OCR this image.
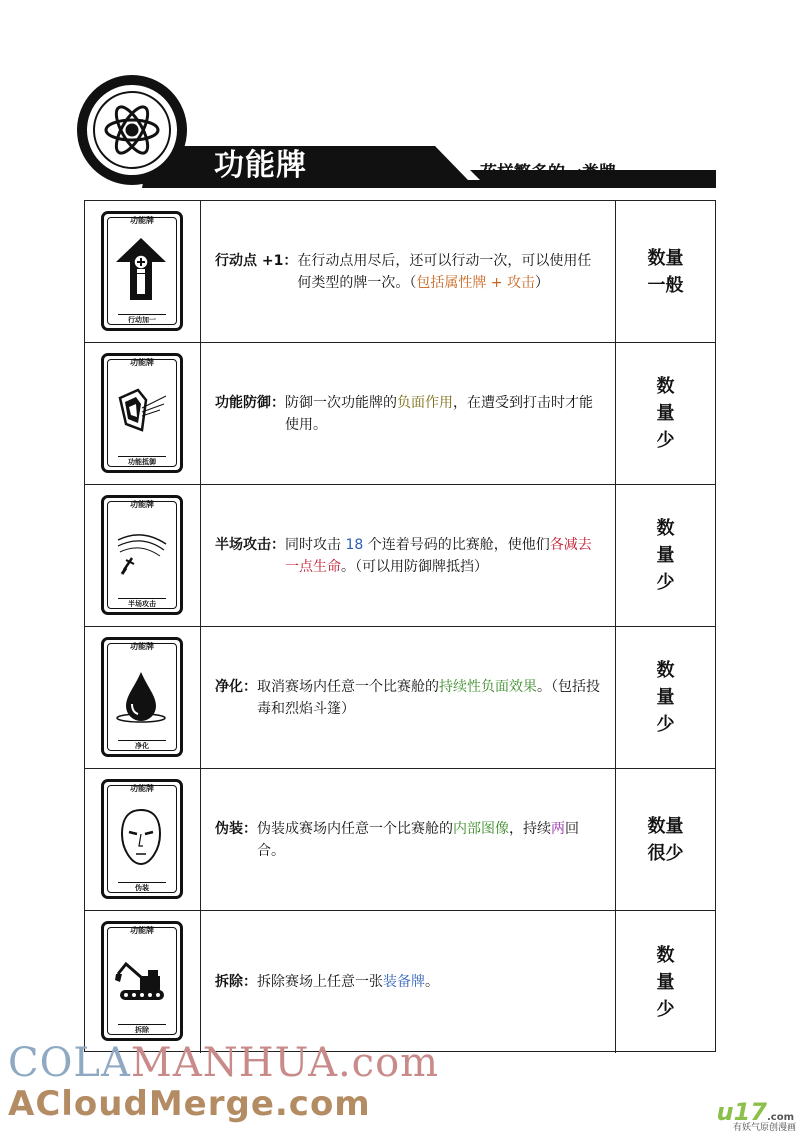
功能牌	花样繁多的一类牌
功能牌
行动加一
行动点 +1： 在行动点用尽后，还可以行动一次，可以使用任何类型的牌一次。（包括属性牌 + 攻击）
数量
一般
功能牌
功能抵御
功能防御： 防御一次功能牌的负面作用，在遭受到打击时才能使用。
数
量
少
功能牌
半场攻击
半场攻击： 同时攻击 18 个连着号码的比赛舱，使他们各减去一点生命。（可以用防御牌抵挡）
数
量
少
功能牌
净化
净化： 取消赛场内任意一个比赛舱的持续性负面效果。（包括投毒和烈焰斗篷）
数
量
少
功能牌
伪装
伪装： 伪装成赛场内任意一个比赛舱的内部图像，持续两回合。
数量
很少
功能牌
拆除
拆除： 拆除赛场上任意一张装备牌。
数
量
少
COLAMANHUA.com
ACloudMerge.com	u17.com
有妖气原创漫画
